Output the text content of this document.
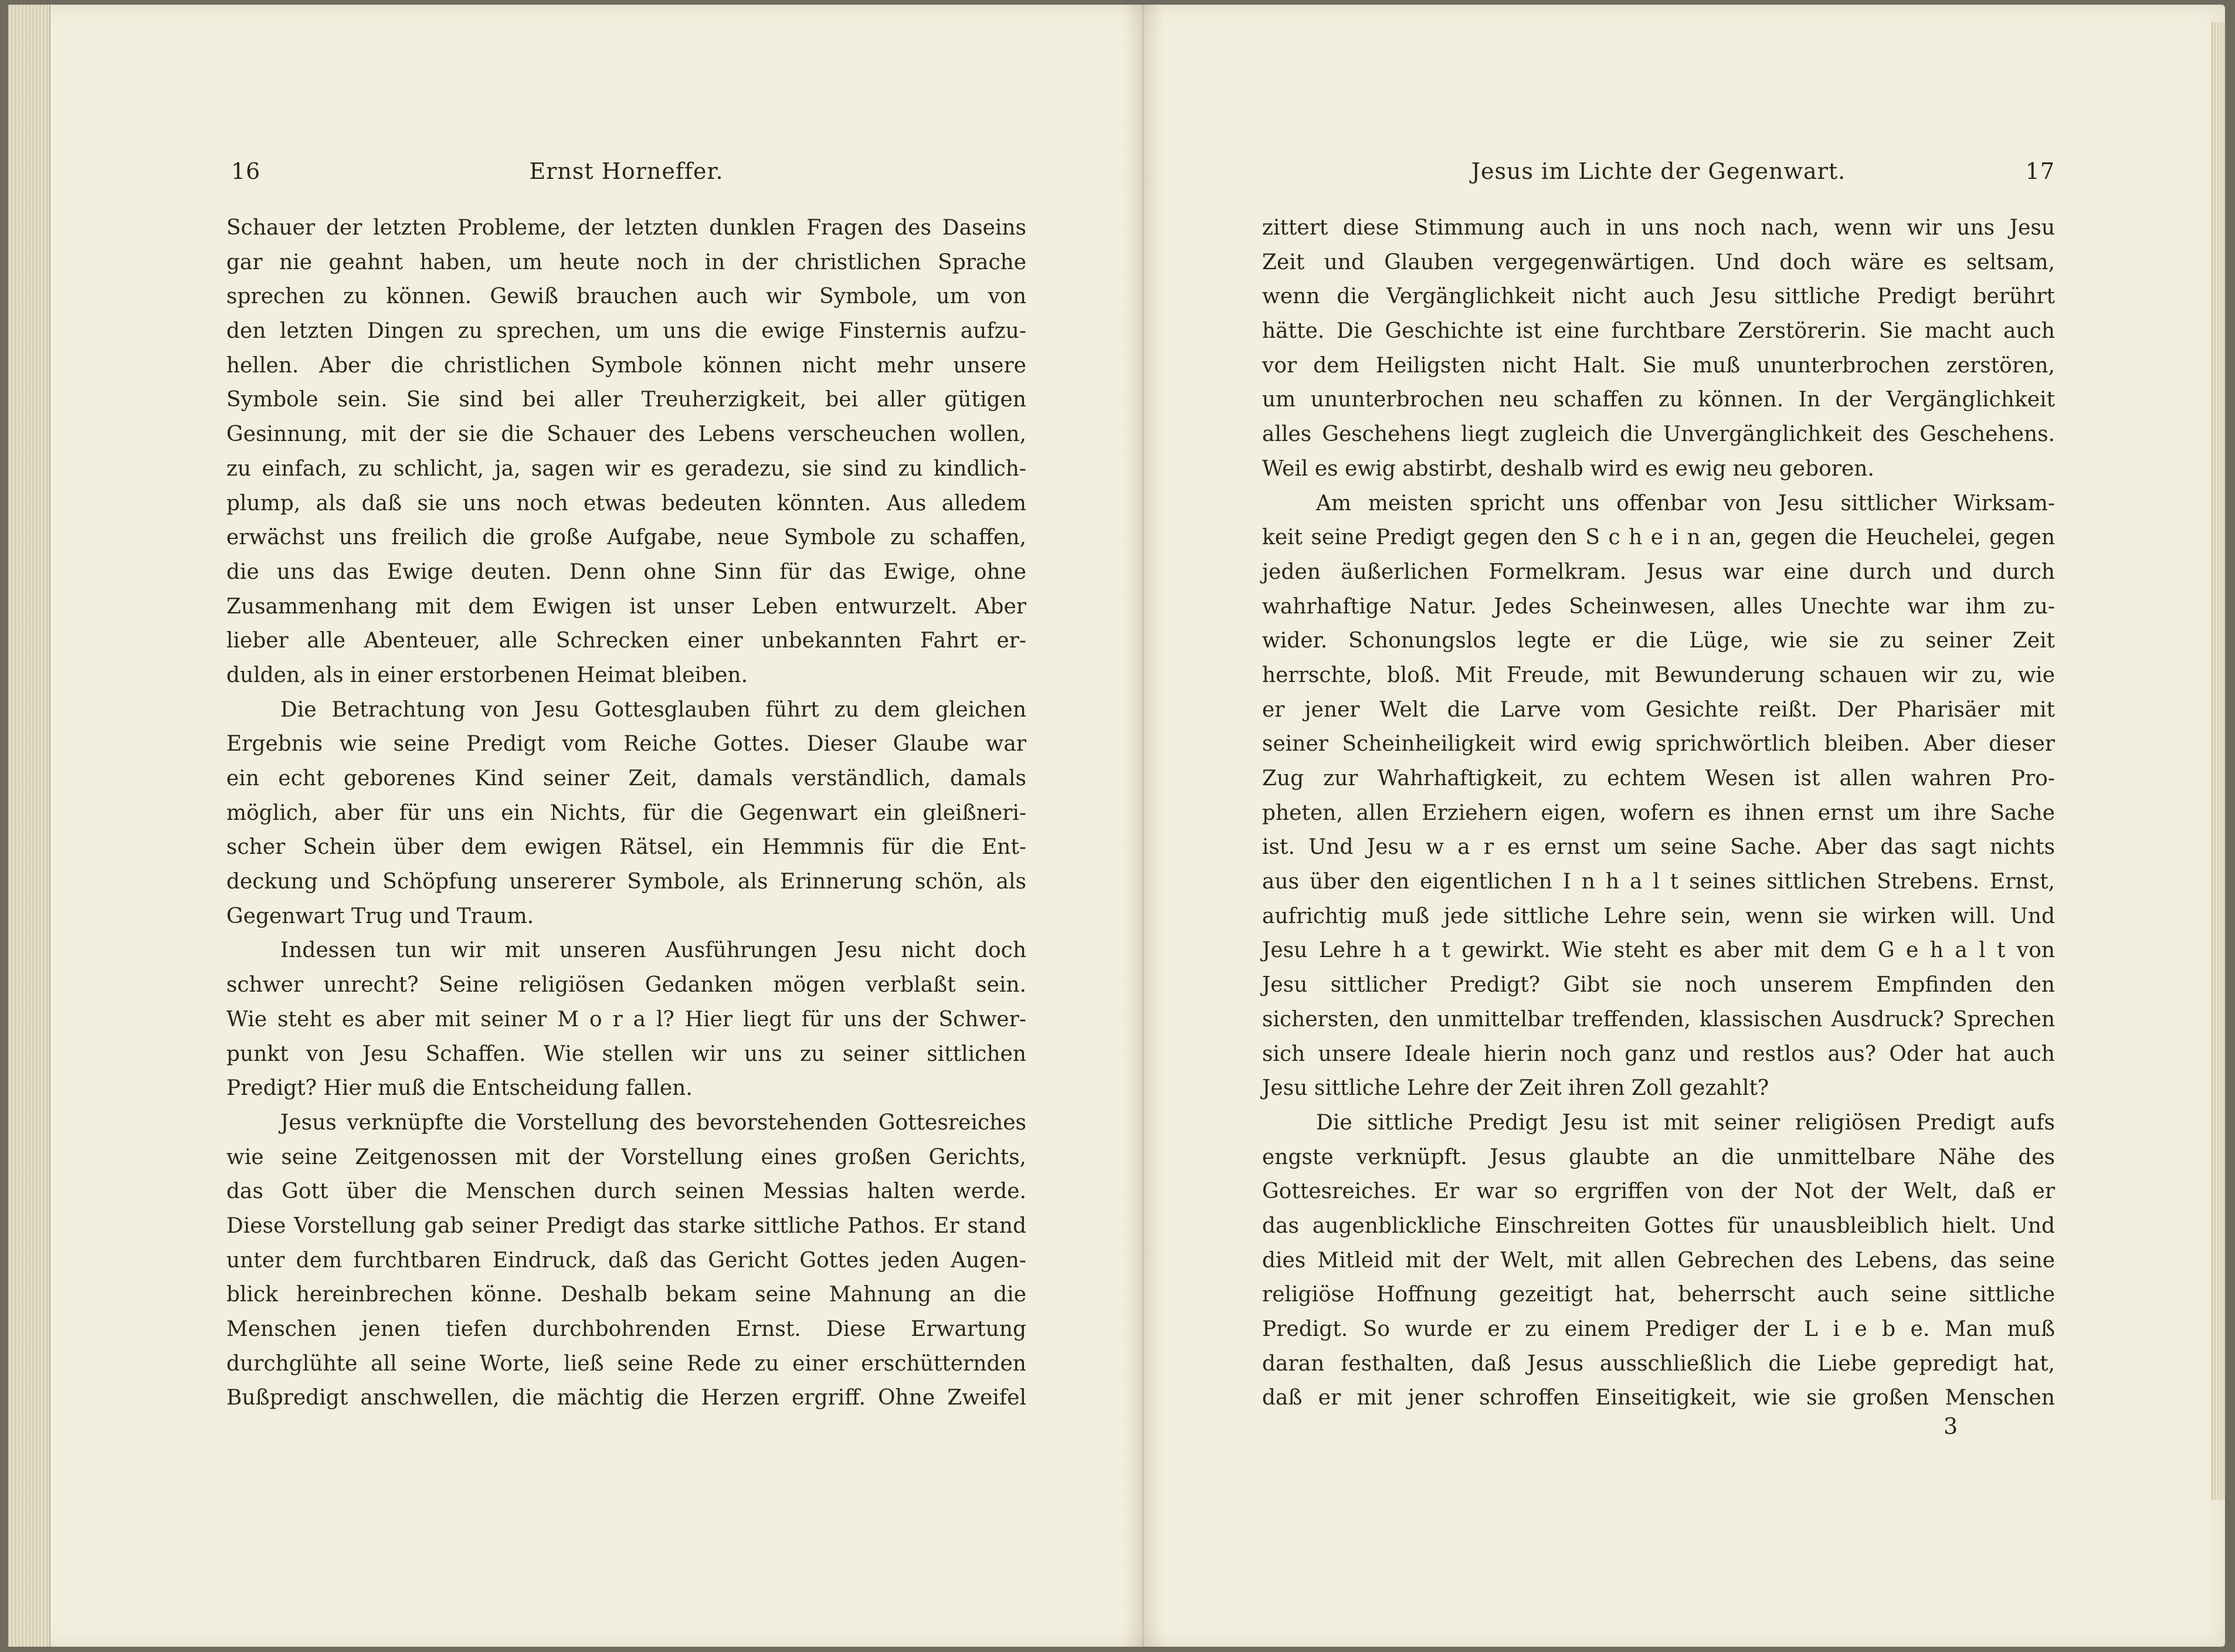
16	Ernst Horneffer.
Schauer der letzten Probleme, der letzten dunklen Fragen des Daseins
gar nie geahnt haben, um heute noch in der christlichen Sprache
sprechen zu können. Gewiß brauchen auch wir Symbole, um von
den letzten Dingen zu sprechen, um uns die ewige Finsternis aufzu-
hellen. Aber die christlichen Symbole können nicht mehr unsere
Symbole sein. Sie sind bei aller Treuherzigkeit, bei aller gütigen
Gesinnung, mit der sie die Schauer des Lebens verscheuchen wollen,
zu einfach, zu schlicht, ja, sagen wir es geradezu, sie sind zu kindlich-
plump, als daß sie uns noch etwas bedeuten könnten. Aus alledem
erwächst uns freilich die große Aufgabe, neue Symbole zu schaffen,
die uns das Ewige deuten. Denn ohne Sinn für das Ewige, ohne
Zusammenhang mit dem Ewigen ist unser Leben entwurzelt. Aber
lieber alle Abenteuer, alle Schrecken einer unbekannten Fahrt er-
dulden, als in einer erstorbenen Heimat bleiben.
Die Betrachtung von Jesu Gottesglauben führt zu dem gleichen
Ergebnis wie seine Predigt vom Reiche Gottes. Dieser Glaube war
ein echt geborenes Kind seiner Zeit, damals verständlich, damals
möglich, aber für uns ein Nichts, für die Gegenwart ein gleißneri-
scher Schein über dem ewigen Rätsel, ein Hemmnis für die Ent-
deckung und Schöpfung unsererer Symbole, als Erinnerung schön, als
Gegenwart Trug und Traum.
Indessen tun wir mit unseren Ausführungen Jesu nicht doch
schwer unrecht? Seine religiösen Gedanken mögen verblaßt sein.
Wie steht es aber mit seiner M o r a l? Hier liegt für uns der Schwer-
punkt von Jesu Schaffen. Wie stellen wir uns zu seiner sittlichen
Predigt? Hier muß die Entscheidung fallen.
Jesus verknüpfte die Vorstellung des bevorstehenden Gottesreiches
wie seine Zeitgenossen mit der Vorstellung eines großen Gerichts,
das Gott über die Menschen durch seinen Messias halten werde.
Diese Vorstellung gab seiner Predigt das starke sittliche Pathos. Er stand
unter dem furchtbaren Eindruck, daß das Gericht Gottes jeden Augen-
blick hereinbrechen könne. Deshalb bekam seine Mahnung an die
Menschen jenen tiefen durchbohrenden Ernst. Diese Erwartung
durchglühte all seine Worte, ließ seine Rede zu einer erschütternden
Bußpredigt anschwellen, die mächtig die Herzen ergriff. Ohne Zweifel
Jesus im Lichte der Gegenwart.	17
zittert diese Stimmung auch in uns noch nach, wenn wir uns Jesu
Zeit und Glauben vergegenwärtigen. Und doch wäre es seltsam,
wenn die Vergänglichkeit nicht auch Jesu sittliche Predigt berührt
hätte. Die Geschichte ist eine furchtbare Zerstörerin. Sie macht auch
vor dem Heiligsten nicht Halt. Sie muß ununterbrochen zerstören,
um ununterbrochen neu schaffen zu können. In der Vergänglichkeit
alles Geschehens liegt zugleich die Unvergänglichkeit des Geschehens.
Weil es ewig abstirbt, deshalb wird es ewig neu geboren.
Am meisten spricht uns offenbar von Jesu sittlicher Wirksam-
keit seine Predigt gegen den S c h e i n an, gegen die Heuchelei, gegen
jeden äußerlichen Formelkram. Jesus war eine durch und durch
wahrhaftige Natur. Jedes Scheinwesen, alles Unechte war ihm zu-
wider. Schonungslos legte er die Lüge, wie sie zu seiner Zeit
herrschte, bloß. Mit Freude, mit Bewunderung schauen wir zu, wie
er jener Welt die Larve vom Gesichte reißt. Der Pharisäer mit
seiner Scheinheiligkeit wird ewig sprichwörtlich bleiben. Aber dieser
Zug zur Wahrhaftigkeit, zu echtem Wesen ist allen wahren Pro-
pheten, allen Erziehern eigen, wofern es ihnen ernst um ihre Sache
ist. Und Jesu w a r es ernst um seine Sache. Aber das sagt nichts
aus über den eigentlichen I n h a l t seines sittlichen Strebens. Ernst,
aufrichtig muß jede sittliche Lehre sein, wenn sie wirken will. Und
Jesu Lehre h a t gewirkt. Wie steht es aber mit dem G e h a l t von
Jesu sittlicher Predigt? Gibt sie noch unserem Empfinden den
sichersten, den unmittelbar treffenden, klassischen Ausdruck? Sprechen
sich unsere Ideale hierin noch ganz und restlos aus? Oder hat auch
Jesu sittliche Lehre der Zeit ihren Zoll gezahlt?
Die sittliche Predigt Jesu ist mit seiner religiösen Predigt aufs
engste verknüpft. Jesus glaubte an die unmittelbare Nähe des
Gottesreiches. Er war so ergriffen von der Not der Welt, daß er
das augenblickliche Einschreiten Gottes für unausbleiblich hielt. Und
dies Mitleid mit der Welt, mit allen Gebrechen des Lebens, das seine
religiöse Hoffnung gezeitigt hat, beherrscht auch seine sittliche
Predigt. So wurde er zu einem Prediger der L i e b e. Man muß
daran festhalten, daß Jesus ausschließlich die Liebe gepredigt hat,
daß er mit jener schroffen Einseitigkeit, wie sie großen Menschen
3
